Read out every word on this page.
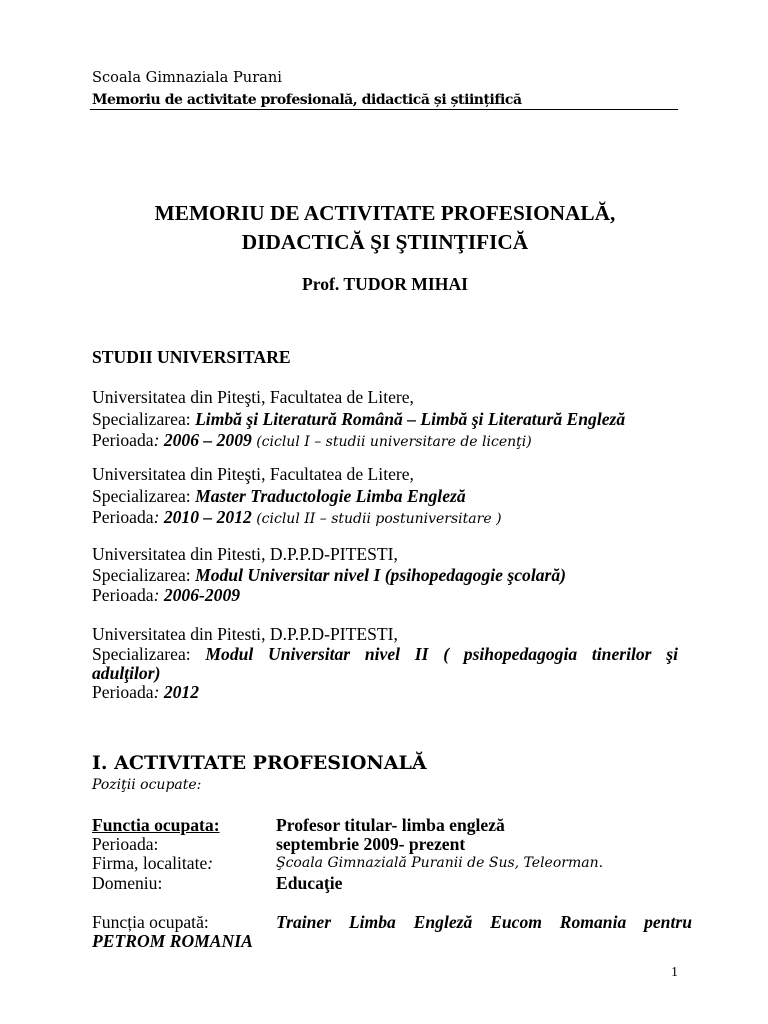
Scoala Gimnaziala Purani
Memoriu de activitate profesională, didactică și științifică
MEMORIU DE ACTIVITATE PROFESIONALĂ,
DIDACTICĂ ŞI ŞTIINŢIFICĂ
Prof. TUDOR MIHAI
STUDII UNIVERSITARE
Universitatea din Piteşti, Facultatea de Litere,
Specializarea: Limbă şi Literatură Română – Limbă şi Literatură Engleză
Perioada: 2006 – 2009 (ciclul I – studii universitare de licenţi)
Universitatea din Piteşti, Facultatea de Litere,
Specializarea: Master Traductologie Limba Engleză
Perioada: 2010 – 2012 (ciclul II – studii postuniversitare )
Universitatea din Pitesti, D.P.P.D-PITESTI,
Specializarea: Modul Universitar nivel I (psihopedagogie şcolară)
Perioada: 2006-2009
Universitatea din Pitesti, D.P.P.D-PITESTI,
Specializarea: Modul Universitar nivel II ( psihopedagogia tinerilor şi
adulţilor)
Perioada: 2012
I. ACTIVITATE PROFESIONALĂ
Poziţii ocupate:
Functia ocupata:	Profesor titular- limba engleză
Perioada:	septembrie 2009- prezent
Firma, localitate:	Şcoala Gimnazială Puranii de Sus, Teleorman.
Domeniu:	Educaţie
Funcția ocupată:	Trainer Limba Engleză Eucom Romania pentru
PETROM ROMANIA
1
